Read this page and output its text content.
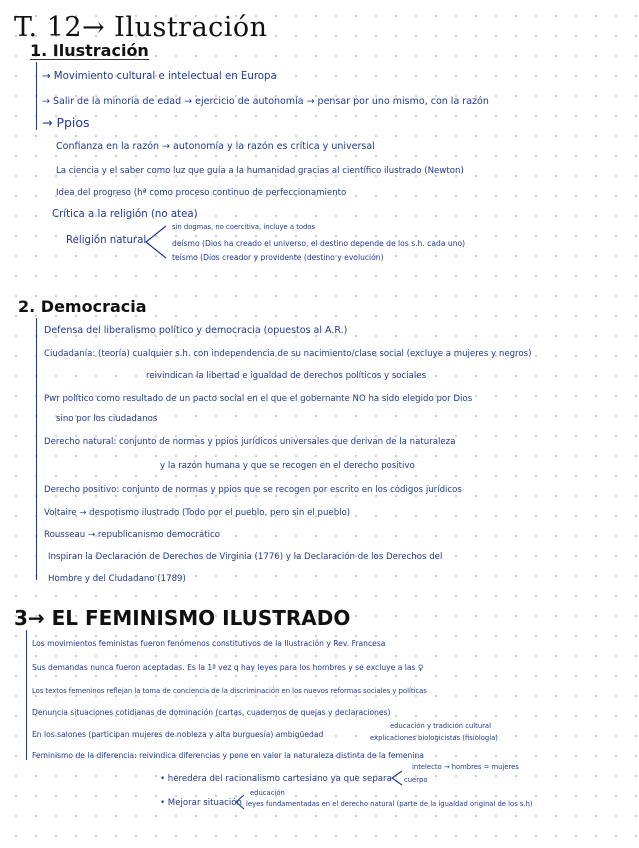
T. 12→ Ilustración
1. Ilustración
→ Movimiento cultural e intelectual en Europa
→ Salir de la minoría de edad → ejercicio de autonomía → pensar por uno mismo, con la razón
→ Ppios
Confianza en la razón → autonomía y la razón es crítica y universal
La ciencia y el saber como luz que guía a la humanidad gracias al científico ilustrado (Newton)
Idea del progreso (hª como proceso continuo de perfeccionamiento
Crítica a la religión (no atea)
Religión natural
sin dogmas, no coercitiva, incluye a todos
deísmo (Dios ha creado el universo, el destino depende de los s.h. cada uno)
teísmo (Dios creador y providente (destino y evolución)
2. Democracia
Defensa del liberalismo político y democracia (opuestos al A.R.)
Ciudadanía: (teoría) cualquier s.h. con independencia de su nacimiento/clase social (excluye a mujeres y negros)
reivindican la libertad e igualdad de derechos políticos y sociales
Pwr político como resultado de un pacto social en el que el gobernante NO ha sido elegido por Dios
sino por los ciudadanos
Derecho natural: conjunto de normas y ppios jurídicos universales que derivan de la naturaleza
y la razón humana y que se recogen en el derecho positivo
Derecho positivo: conjunto de normas y ppios que se recogen por escrito en los códigos jurídicos
Voltaire → despotismo ilustrado (Todo por el pueblo, pero sin el pueblo)
Rousseau → republicanismo democrático
Inspiran la Declaración de Derechos de Virginia (1776) y la Declaración de los Derechos del
Hombre y del Ciudadano (1789)
3→ EL FEMINISMO ILUSTRADO
Los movimientos feministas fueron fenómenos constitutivos de la Ilustración y Rev. Francesa
Sus demandas nunca fueron aceptadas. Es la 1ª vez q hay leyes para los hombres y se excluye a las ♀
Los textos femeninos reflejan la toma de conciencia de la discriminación en los nuevos reformas sociales y políticas
Denuncia situaciones cotidianas de dominación (cartas, cuadernos de quejas y declaraciones)
En los salones (participan mujeres de nobleza y alta burguesía) ambigüedad
educación y tradición cultural
explicaciones biologicistas (fisiología)
Feminismo de la diferencia: reivindica diferencias y pone en valor la naturaleza distinta de la femenina
• heredera del racionalismo cartesiano ya que separa
intelecto → hombres = mujeres
cuerpo
• Mejorar situación
educación
leyes fundamentadas en el derecho natural (parte de la igualdad original de los s.h)
